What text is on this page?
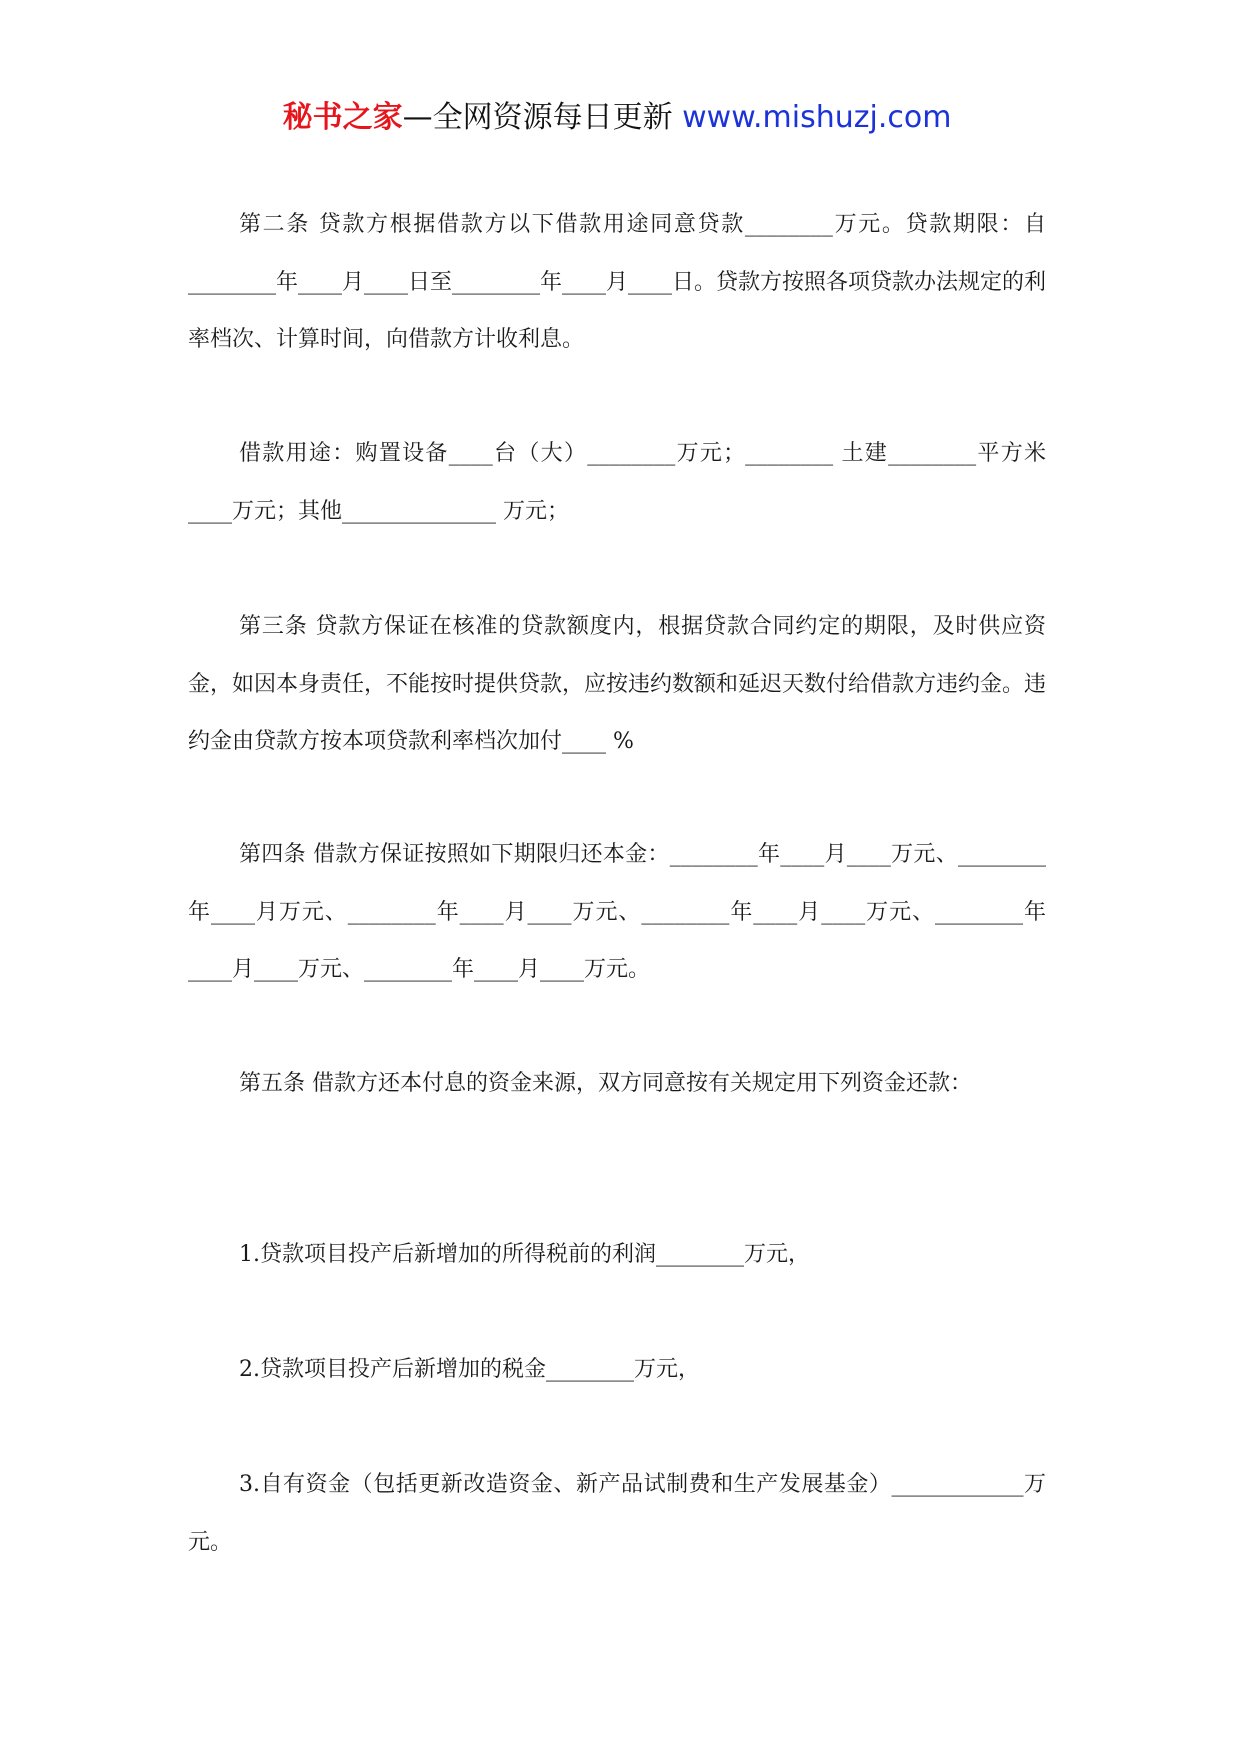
秘书之家—全网资源每日更新 www.mishuzj.com

第二条 贷款方根据借款方以下借款用途同意贷款________万元。贷款期限：自________年____月____日至________年____月____日。贷款方按照各项贷款办法规定的利率档次、计算时间，向借款方计收利息。

借款用途：购置设备____台（大）________万元；________ 土建________平方米____万元；其他______________ 万元；

第三条 贷款方保证在核准的贷款额度内，根据贷款合同约定的期限，及时供应资金，如因本身责任，不能按时提供贷款，应按违约数额和延迟天数付给借款方违约金。违约金由贷款方按本项贷款利率档次加付____ %

第四条 借款方保证按照如下期限归还本金：________年____月____万元、________年____月万元、________年____月____万元、________年____月____万元、________年____月____万元、________年____月____万元。

第五条 借款方还本付息的资金来源，双方同意按有关规定用下列资金还款：

1.贷款项目投产后新增加的所得税前的利润________万元，

2.贷款项目投产后新增加的税金________万元，

3.自有资金（包括更新改造资金、新产品试制费和生产发展基金）____________万元。
